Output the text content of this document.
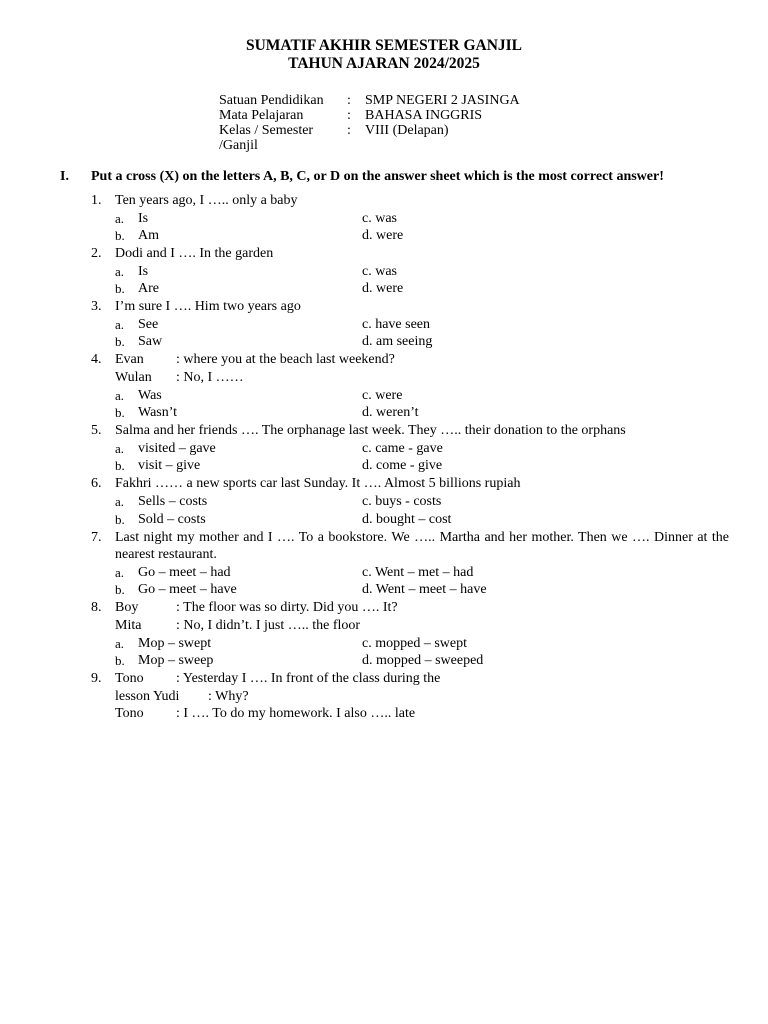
SUMATIF AKHIR SEMESTER GANJIL
TAHUN AJARAN 2024/2025
Satuan Pendidikan	:	SMP NEGERI 2 JASINGA
Mata Pelajaran	:	BAHASA INGGRIS
Kelas / Semester	:	VIII (Delapan)
/Ganjil
I. Put a cross (X) on the letters A, B, C, or D on the answer sheet which is the most correct answer!
1. Ten years ago, I ….. only a baby
a. Is	c. was
b. Am	d. were
2. Dodi and I …. In the garden
a. Is	c. was
b. Are	d. were
3. I’m sure I …. Him two years ago
a. See	c. have seen
b. Saw	d. am seeing
4. Evan : where you at the beach last weekend?
Wulan : No, I ……
a. Was	c. were
b. Wasn’t	d. weren’t
5. Salma and her friends …. The orphanage last week. They ….. their donation to the orphans
a. visited – gave	c. came - gave
b. visit – give	d. come - give
6. Fakhri …… a new sports car last Sunday. It …. Almost 5 billions rupiah
a. Sells – costs	c. buys - costs
b. Sold – costs	d. bought – cost
7. Last night my mother and I …. To a bookstore. We ….. Martha and her mother. Then we …. Dinner at the
nearest restaurant.
a. Go – meet – had	c. Went – met – had
b. Go – meet – have	d. Went – meet – have
8. Boy	: The floor was so dirty. Did you …. It?
Mita : No, I didn’t. I just ….. the floor
a. Mop – swept	c. mopped – swept
b. Mop – sweep	d. mopped – sweeped
9. Tono : Yesterday I …. In front of the class during the
lesson Yudi : Why?
Tono : I …. To do my homework. I also ….. late
